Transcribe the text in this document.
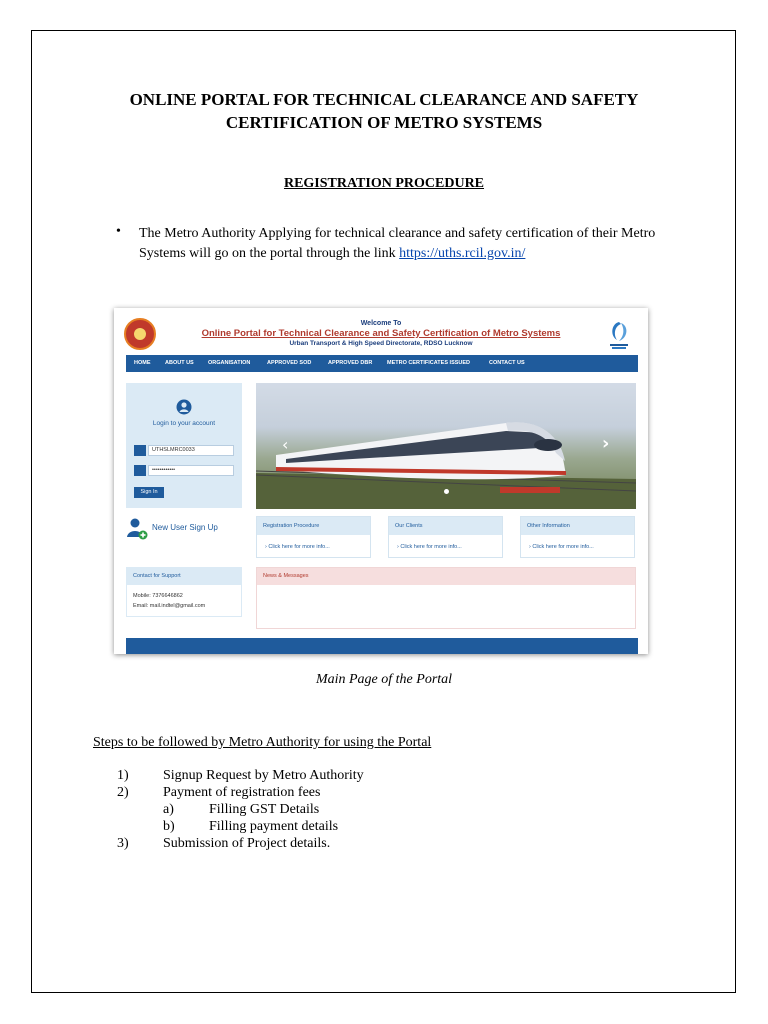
ONLINE PORTAL FOR TECHNICAL CLEARANCE AND SAFETY
CERTIFICATION OF METRO SYSTEMS
REGISTRATION PROCEDURE
• The Metro Authority Applying for technical clearance and safety certification of their Metro Systems will go on the portal through the link https://uths.rcil.gov.in/
Welcome To
Online Portal for Technical Clearance and Safety Certification of Metro Systems
Urban Transport & High Speed Directorate, RDSO Lucknow
HOME	ABOUT US	ORGANISATION	APPROVED SOD	APPROVED DBR	METRO CERTIFICATES ISSUED	CONTACT US
Login to your account
UTHSLMRC0033
••••••••••••
Sign In
‹	›
New User Sign Up	Registration Procedure
› Click here for more info...
Our Clients
› Click here for more info...
Other Information
› Click here for more info...
Contact for Support
Mobile: 7376646862
Email: mail.indtel@gmail.com
News & Messages
Main Page of the Portal
Steps to be followed by Metro Authority for using the Portal
1) Signup Request by Metro Authority
2) Payment of registration fees
a)	Filling GST Details
b) Filling payment details
3) Submission of Project details.
